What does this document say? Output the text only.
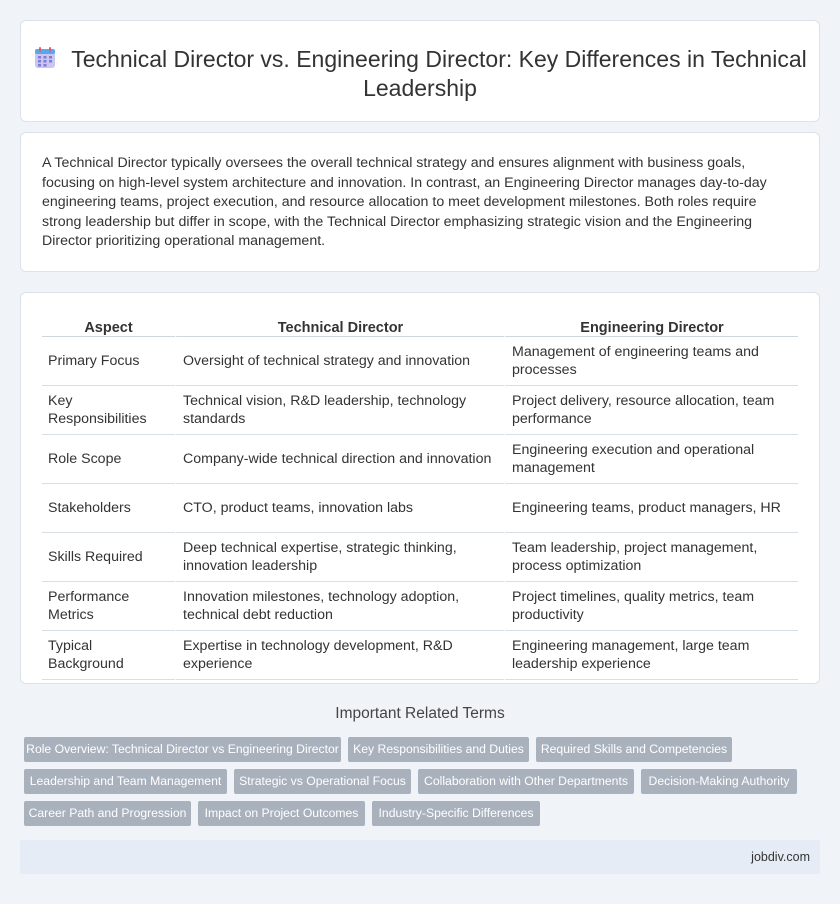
Technical Director vs. Engineering Director: Key Differences in Technical Leadership

A Technical Director typically oversees the overall technical strategy and ensures alignment with business goals, focusing on high-level system architecture and innovation. In contrast, an Engineering Director manages day-to-day engineering teams, project execution, and resource allocation to meet development milestones. Both roles require strong leadership but differ in scope, with the Technical Director emphasizing strategic vision and the Engineering Director prioritizing operational management.

Aspect	Technical Director	Engineering Director
Primary Focus	Oversight of technical strategy and innovation	Management of engineering teams and processes
Key Responsibilities	Technical vision, R&D leadership, technology standards	Project delivery, resource allocation, team performance
Role Scope	Company-wide technical direction and innovation	Engineering execution and operational management
Stakeholders	CTO, product teams, innovation labs	Engineering teams, product managers, HR
Skills Required	Deep technical expertise, strategic thinking, innovation leadership	Team leadership, project management, process optimization
Performance Metrics	Innovation milestones, technology adoption, technical debt reduction	Project timelines, quality metrics, team productivity
Typical Background	Expertise in technology development, R&D experience	Engineering management, large team leadership experience
Important Related Terms
Role Overview: Technical Director vs Engineering Director	Key Responsibilities and Duties	Required Skills and Competencies
Leadership and Team Management	Strategic vs Operational Focus	Collaboration with Other Departments	Decision-Making Authority
Career Path and Progression	Impact on Project Outcomes	Industry-Specific Differences
jobdiv.com
